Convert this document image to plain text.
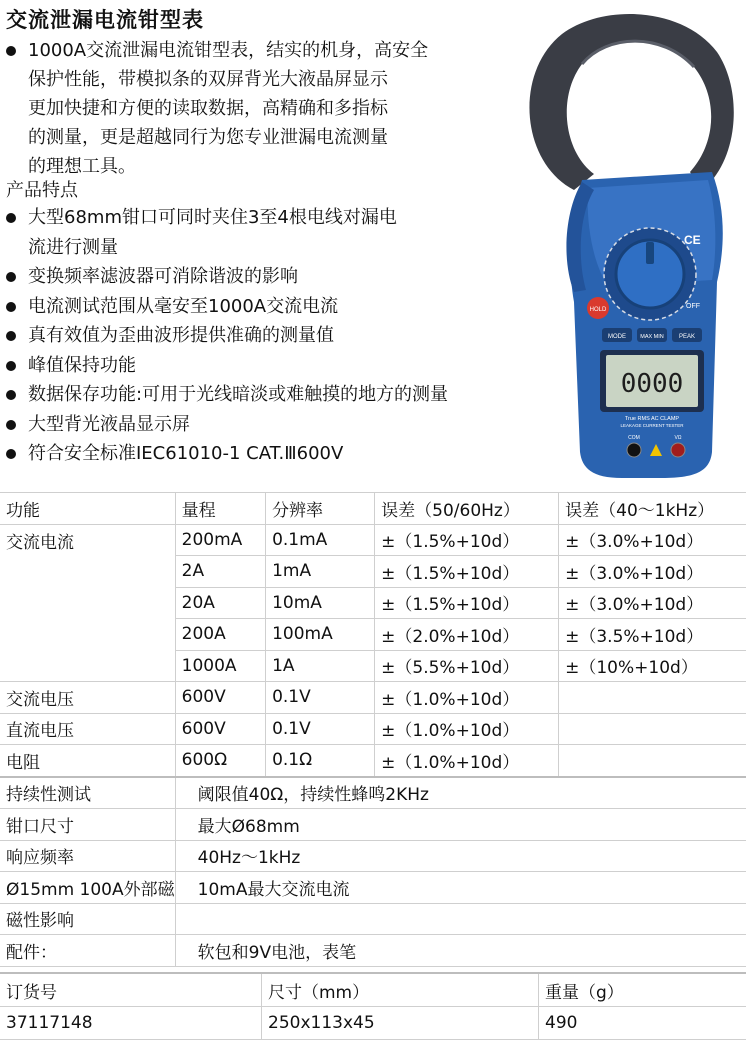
交流泄漏电流钳型表
1000A交流泄漏电流钳型表，结实的机身，高安全
保护性能，带模拟条的双屏背光大液晶屏显示
更加快捷和方便的读取数据，高精确和多指标
的测量，更是超越同行为您专业泄漏电流测量
的理想工具。
产品特点
大型68mm钳口可同时夹住3至4根电线对漏电
流进行测量
变换频率滤波器可消除谐波的影响
电流测试范围从毫安至1000A交流电流
真有效值为歪曲波形提供准确的测量值
峰值保持功能
数据保存功能:可用于光线暗淡或难触摸的地方的测量
大型背光液晶显示屏
符合安全标准IEC61010-1 CAT.Ⅲ600V
CE
OFF
HOLD
MODE	MAX MIN	PEAK
0000
True RMS AC CLAMP
LEAKAGE CURRENT TESTER
COM	VΩ
功能	量程	分辨率	误差（50/60Hz）	误差（40～1kHz）
交流电流	200mA	0.1mA	±（1.5%+10d）	±（3.0%+10d）
	2A	1mA	±（1.5%+10d）	±（3.0%+10d）
	20A	10mA	±（1.5%+10d）	±（3.0%+10d）
	200A	100mA	±（2.0%+10d）	±（3.5%+10d）
	1000A	1A	±（5.5%+10d）	±（10%+10d）
交流电压	600V	0.1V	±（1.0%+10d）	
直流电压	600V	0.1V	±（1.0%+10d）	
电阻	600Ω	0.1Ω	±（1.0%+10d）	
持续性测试	阈限值40Ω，持续性蜂鸣2KHz			
钳口尺寸	最大Ø68mm			
响应频率	40Hz～1kHz			
Ø15mm 100A外部磁	10mA最大交流电流			
磁性影响				
配件：	软包和9V电池，表笔			
订货号	尺寸（mm）	重量（g）
37117148	250x113x45	490
